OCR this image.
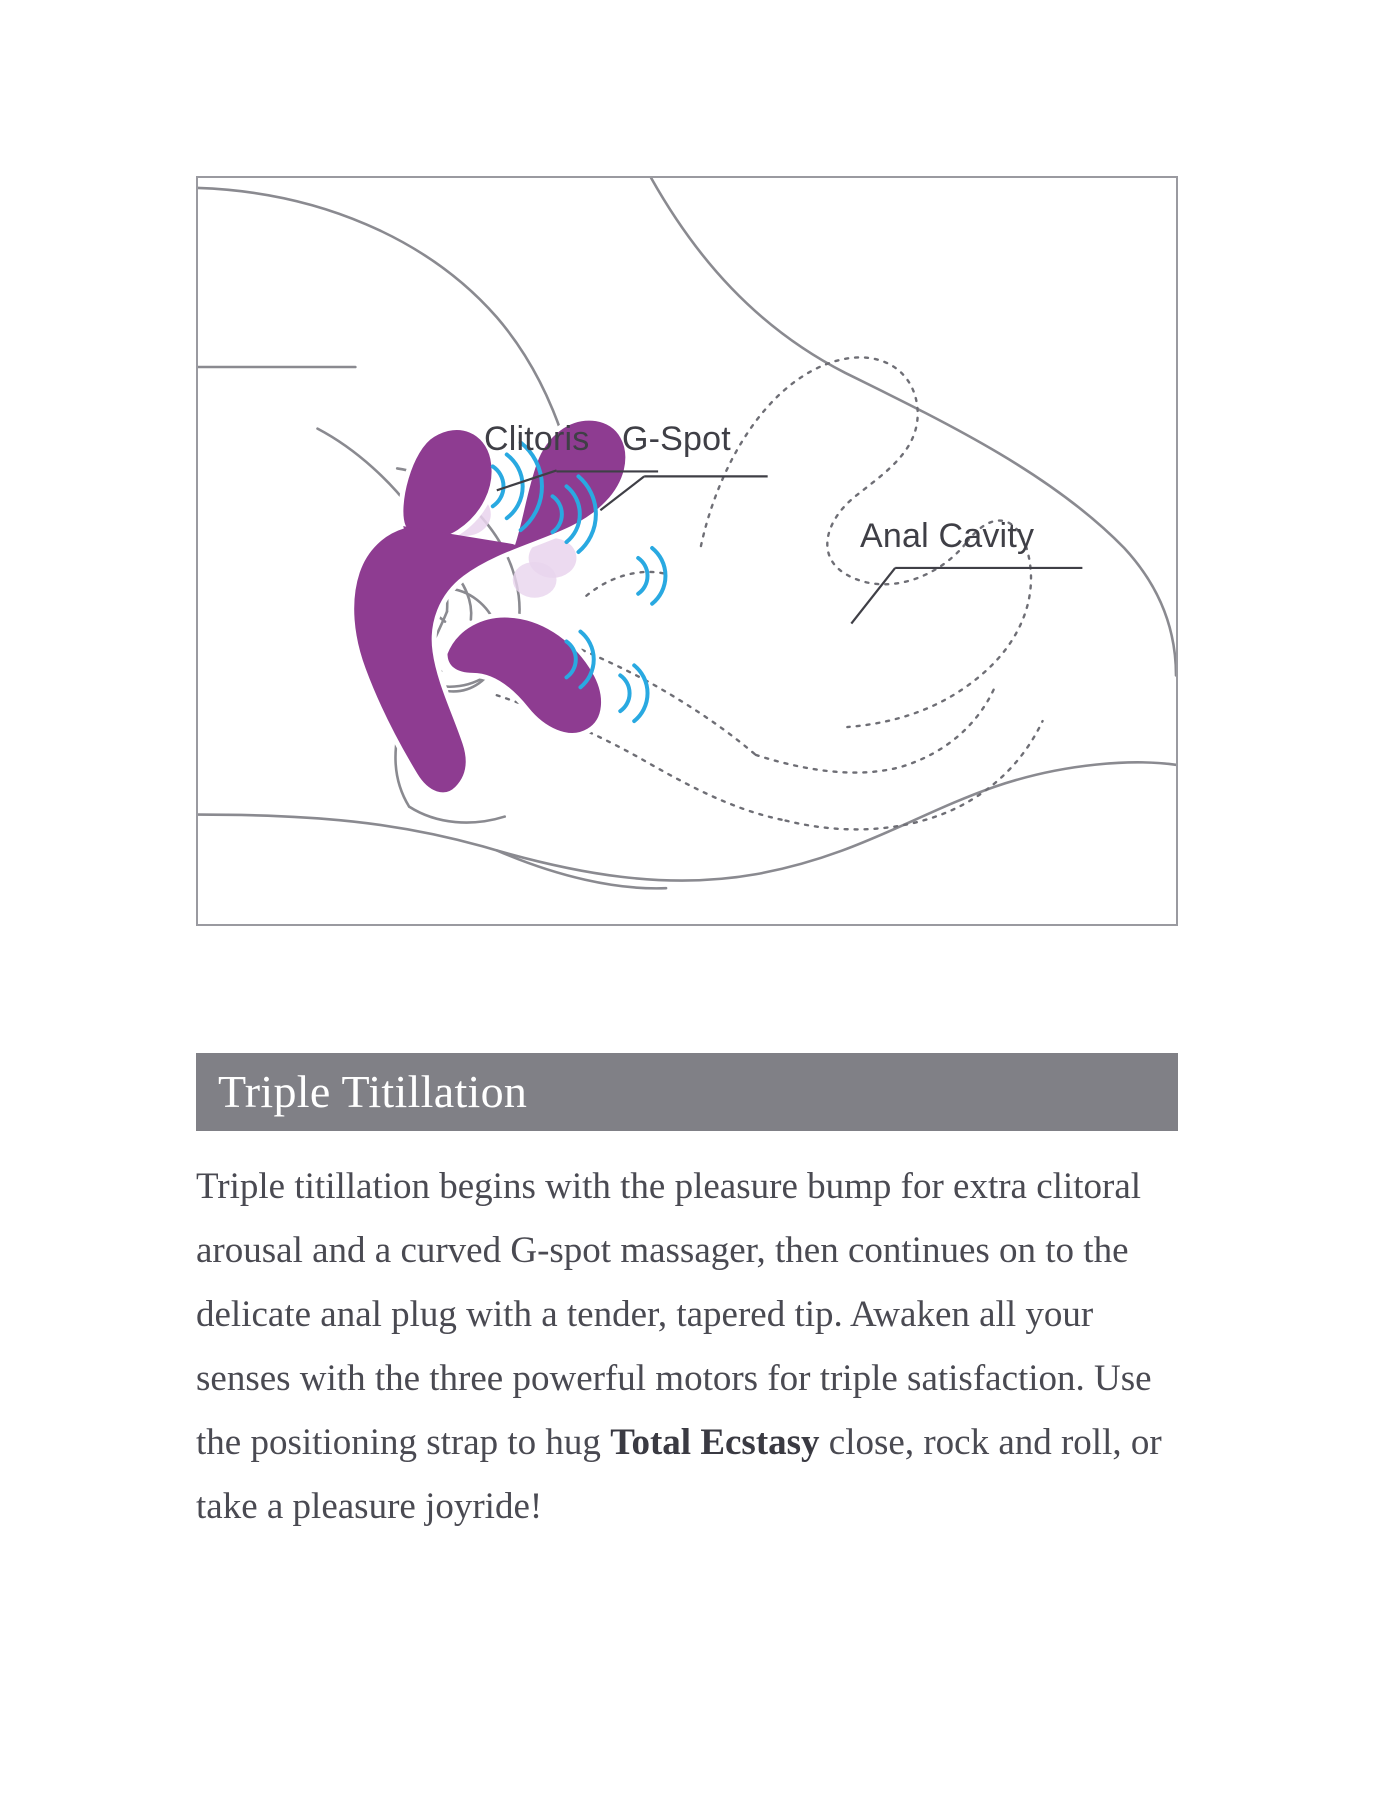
Clitoris G-Spot
Anal Cavity
Triple Titillation

Triple titillation begins with the pleasure bump for extra clitoral arousal and a curved G-spot massager, then continues on to the delicate anal plug with a tender, tapered tip. Awaken all your senses with the three powerful motors for triple satisfaction. Use the positioning strap to hug Total Ecstasy close, rock and roll, or take a pleasure joyride!
